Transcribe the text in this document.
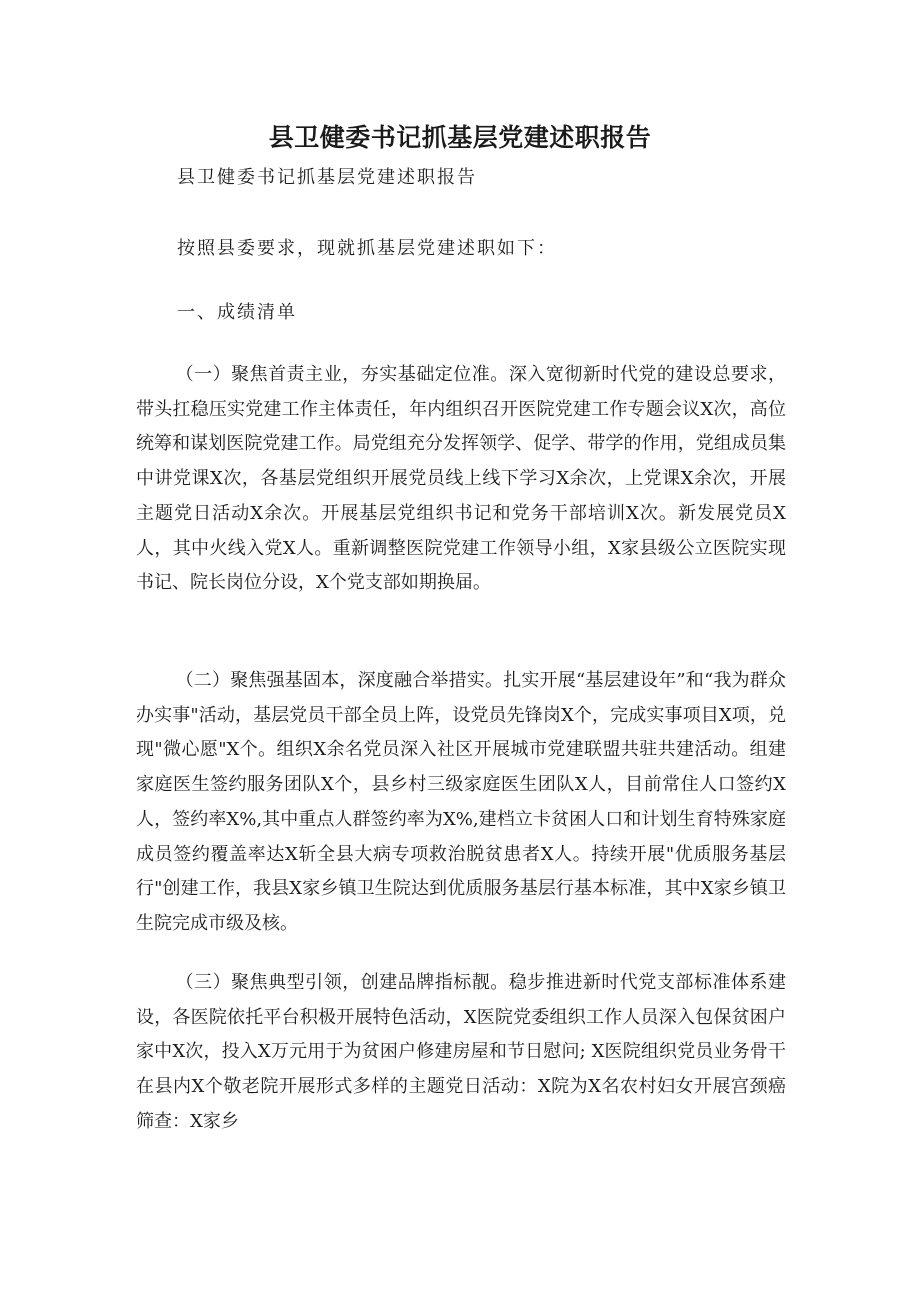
县卫健委书记抓基层党建述职报告
县卫健委书记抓基层党建述职报告
按照县委要求，现就抓基层党建述职如下：
一、成绩清单

（一）聚焦首责主业，夯实基础定位准。深入宽彻新时代党的建设总要求，带头扛稳压实党建工作主体责任，年内组织召开医院党建工作专题会议X次，高位统筹和谋划医院党建工作。局党组充分发挥领学、促学、带学的作用，党组成员集中讲党课X次，各基层党组织开展党员线上线下学习X余次，上党课X余次，开展主题党日活动X余次。开展基层党组织书记和党务干部培训X次。新发展党员X人，其中火线入党X人。重新调整医院党建工作领导小组，X家县级公立医院实现书记、院长岗位分设，X个党支部如期换届。

（二）聚焦强基固本，深度融合举措实。扎实开展“基层建设年”和“我为群众办实事"活动，基层党员干部全员上阵，设党员先锋岗X个，完成实事项目X项，兑现"微心愿"X个。组织X余名党员深入社区开展城市党建联盟共驻共建活动。组建家庭医生签约服务团队X个，县乡村三级家庭医生团队X人，目前常住人口签约X人，签约率X%,其中重点人群签约率为X%,建档立卡贫困人口和计划生育特殊家庭成员签约覆盖率达X斩全县大病专项救治脱贫患者X人。持续开展"优质服务基层行"创建工作，我县X家乡镇卫生院达到优质服务基层行基本标准，其中X家乡镇卫生院完成市级及核。

（三）聚焦典型引领，创建品牌指标靓。稳步推进新时代党支部标准体系建设，各医院依托平台积极开展特色活动，X医院党委组织工作人员深入包保贫困户家中X次，投入X万元用于为贫困户修建房屋和节日慰问; X医院组织党员业务骨干在县内X个敬老院开展形式多样的主题党日活动：X院为X名农村妇女开展宫颈癌筛查：X家乡
